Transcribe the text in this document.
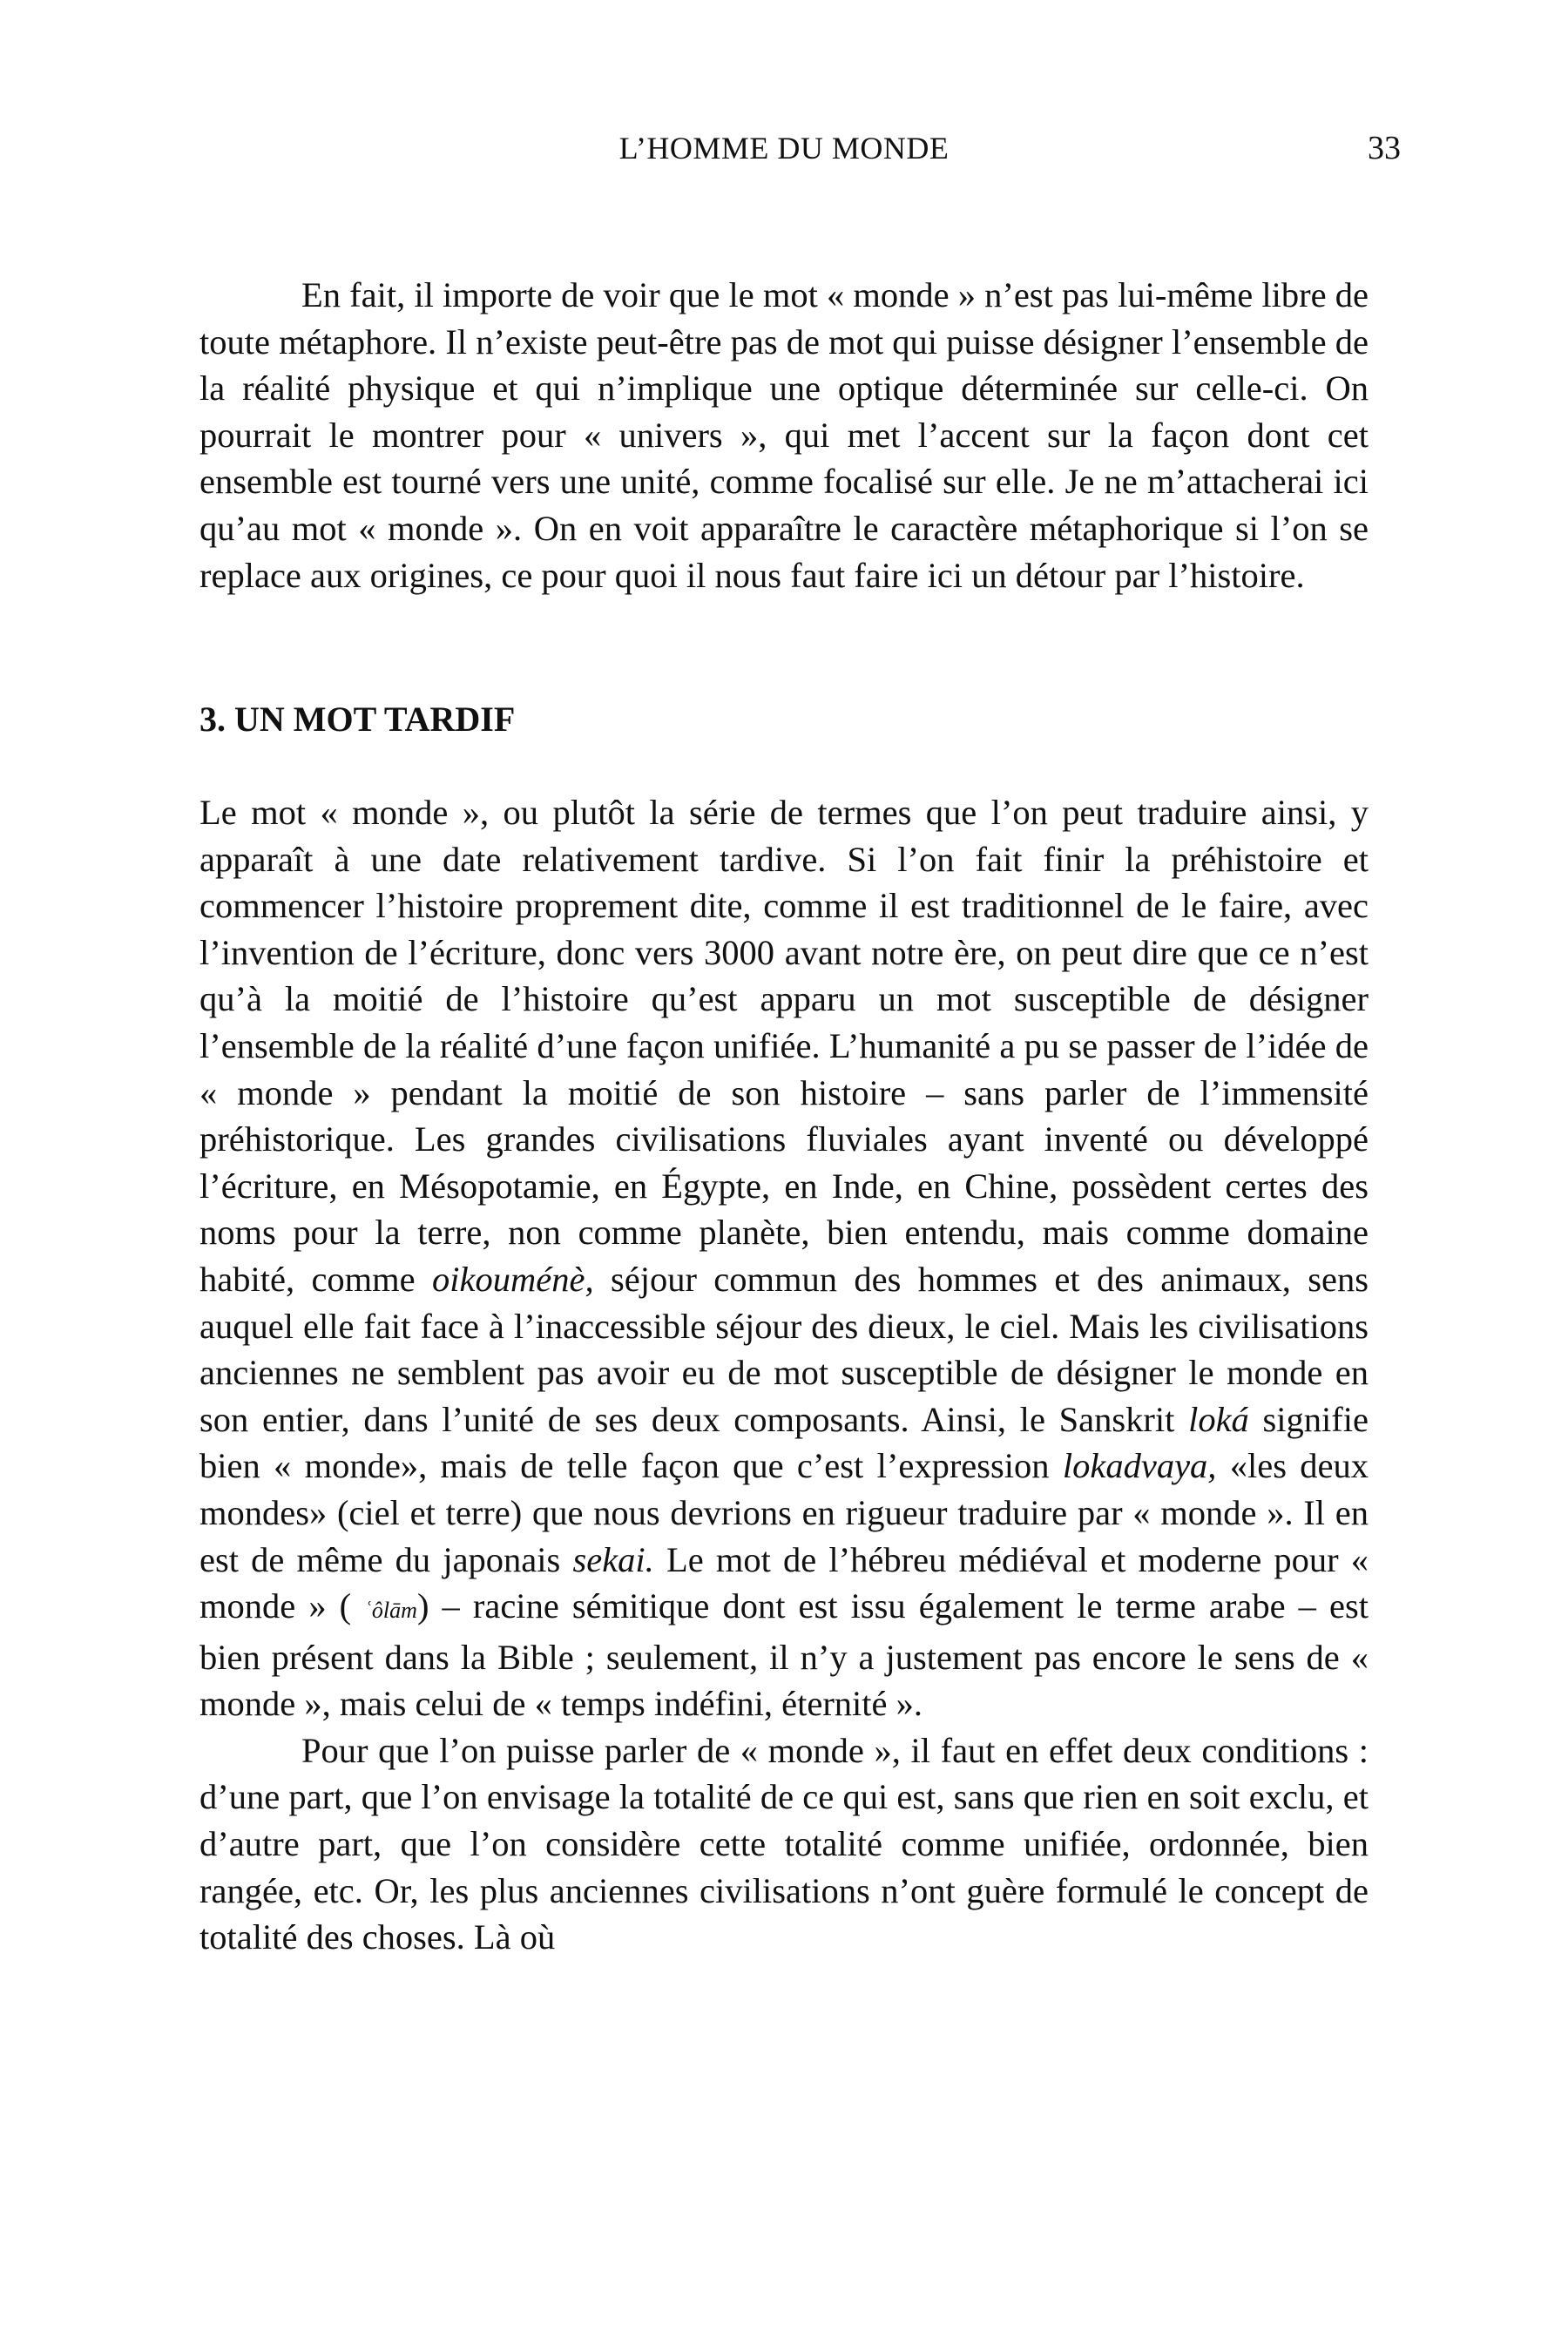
L’HOMME DU MONDE	33

En fait, il importe de voir que le mot « monde » n’est pas lui-même libre de toute métaphore. Il n’existe peut-être pas de mot qui puisse désigner l’ensemble de la réalité physique et qui n’implique une optique déterminée sur celle-ci. On pourrait le montrer pour « univers », qui met l’accent sur la façon dont cet ensemble est tourné vers une unité, comme focalisé sur elle. Je ne m’attacherai ici qu’au mot « monde ». On en voit apparaître le caractère métaphorique si l’on se replace aux origines, ce pour quoi il nous faut faire ici un détour par l’histoire.

3. UN MOT TARDIF

Le mot « monde », ou plutôt la série de termes que l’on peut traduire ainsi, y apparaît à une date relativement tardive. Si l’on fait finir la préhistoire et commencer l’histoire proprement dite, comme il est traditionnel de le faire, avec l’invention de l’écriture, donc vers 3000 avant notre ère, on peut dire que ce n’est qu’à la moitié de l’histoire qu’est apparu un mot susceptible de désigner l’ensemble de la réalité d’une façon unifiée. L’humanité a pu se passer de l’idée de « monde » pendant la moitié de son histoire – sans parler de l’immensité préhistorique. Les grandes civilisations fluviales ayant inventé ou développé l’écriture, en Mésopotamie, en Égypte, en Inde, en Chine, possèdent certes des noms pour la terre, non comme planète, bien entendu, mais comme domaine habité, comme oikouménè, séjour commun des hommes et des animaux, sens auquel elle fait face à l’inaccessible séjour des dieux, le ciel. Mais les civilisations anciennes ne semblent pas avoir eu de mot susceptible de désigner le monde en son entier, dans l’unité de ses deux composants. Ainsi, le Sanskrit loká signifie bien « monde», mais de telle façon que c’est l’expression lokadvaya, «les deux mondes» (ciel et terre) que nous devrions en rigueur traduire par « monde ». Il en est de même du japonais sekai. Le mot de l’hébreu médiéval et moderne pour « monde » ( ʿôlām) – racine sémitique dont est issu également le terme arabe – est bien présent dans la Bible ; seulement, il n’y a justement pas encore le sens de « monde », mais celui de « temps indéfini, éternité ».

Pour que l’on puisse parler de « monde », il faut en effet deux conditions : d’une part, que l’on envisage la totalité de ce qui est, sans que rien en soit exclu, et d’autre part, que l’on considère cette totalité comme unifiée, ordonnée, bien rangée, etc. Or, les plus anciennes civilisations n’ont guère formulé le concept de totalité des choses. Là où
